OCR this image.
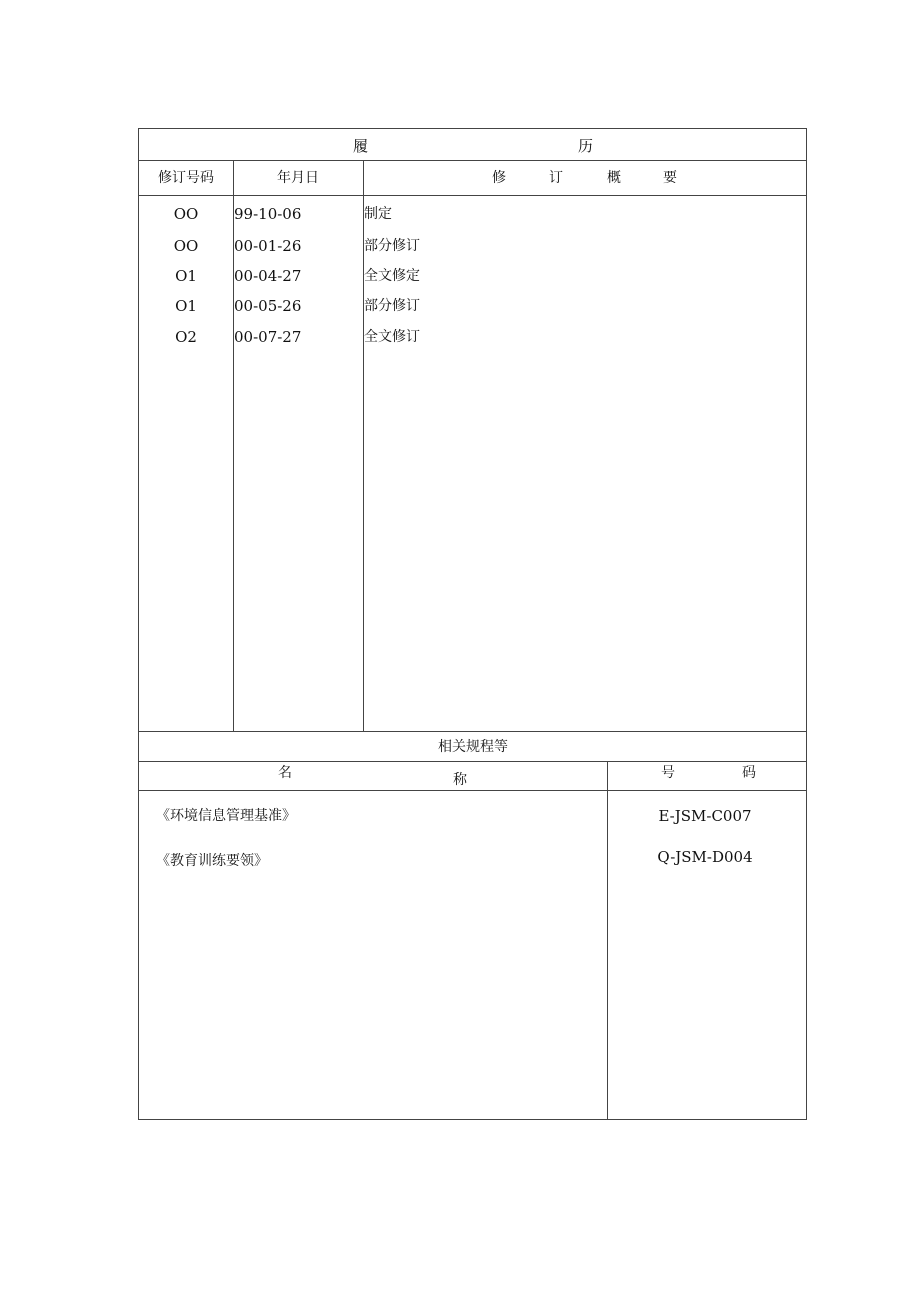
履	历
修订号码	年月日	修	订	概	要
OO 99-10-06	制定
OO 00-01-26	部分修订
O1 00-04-27	全文修定
O1 00-05-26	部分修订
O2 00-07-27	全文修订
相关规程等
名	称	号	码
《环境信息管理基准》	E-JSM-C007
《教育训练要领》	Q-JSM-D004
